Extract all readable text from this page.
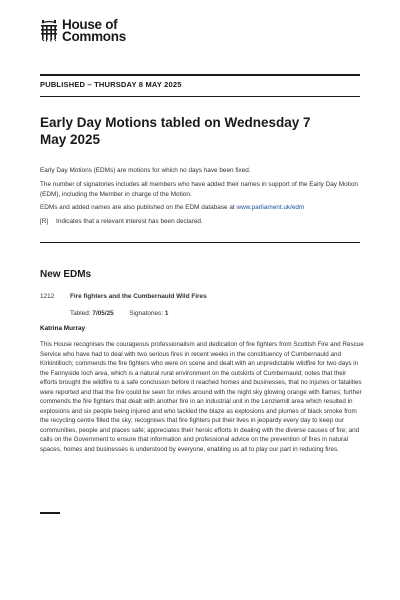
House of
Commons
PUBLISHED – THURSDAY 8 MAY 2025
Early Day Motions tabled on Wednesday 7 May 2025

Early Day Motions (EDMs) are motions for which no days have been fixed.

The number of signatories includes all members who have added their names in support of the Early Day Motion (EDM), including the Member in charge of the Motion.

EDMs and added names are also published on the EDM database at www.parliament.uk/edm

[R] Indicates that a relevant interest has been declared.

New EDMs
1212 Fire fighters and the Cumbernauld Wild Fires
Tabled: 7/05/25 Signatories: 1
Katrina Murray
This House recognises the courageous professionalism and dedication of fire fighters from Scottish Fire and Rescue Service who have had to deal with two serious fires in recent weeks in the constituency of Cumbernauld and Kirkintilloch; commends the fire fighters who were on scene and dealt with an unpredictable wildfire for two days in the Fannyside loch area, which is a natural rural environment on the outskirts of Cumbernauld; notes that their efforts brought the wildfire to a safe conclusion before it reached homes and businesses, that no injuries or fatalities were reported and that the fire could be seen for miles around with the night sky glowing orange with flames; further commends the fire fighters that dealt with another fire in an industrial unit in the Lenziemill area which resulted in explosions and six people being injured and who tackled the blaze as explosions and plumes of black smoke from the recycling centre filled the sky; recognises that fire fighters put their lives in jeopardy every day to keep our communities, people and places safe; appreciates their heroic efforts in dealing with the diverse causes of fire; and calls on the Government to ensure that information and professional advice on the prevention of fires in natural spaces, homes and businesses is understood by everyone, enabling us all to play our part in reducing fires.
